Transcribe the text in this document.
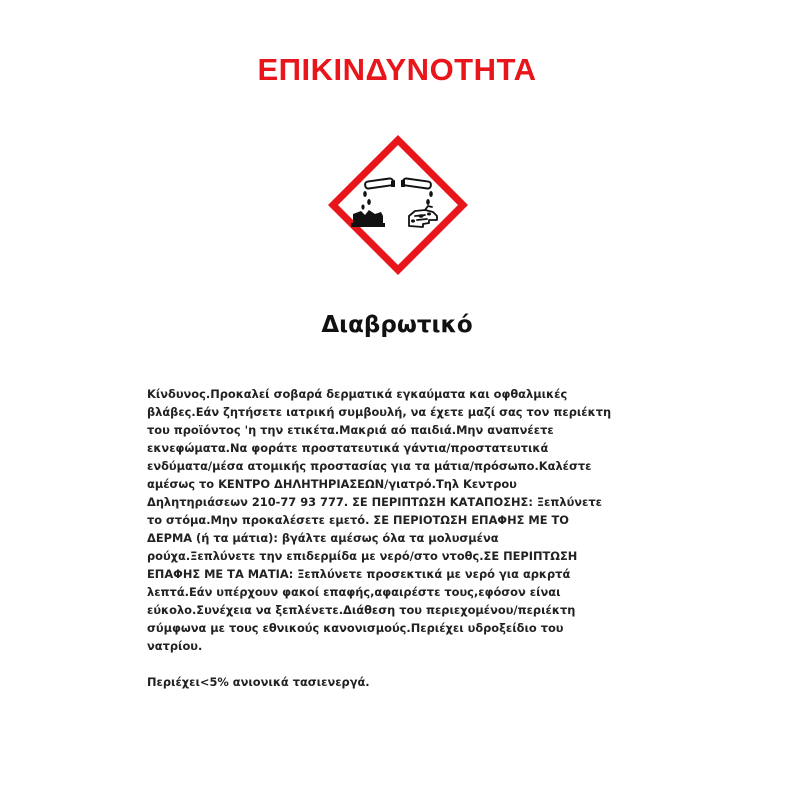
ΕΠΙΚΙΝΔΥΝΟΤΗΤΑ
Διαβρωτικό

Κίνδυνος.Προκαλεί σοβαρά δερματικά εγκαύματα και οφθαλμικές
βλάβες.Εάν ζητήσετε ιατρική συμβουλή, να έχετε μαζί σας τον περιέκτη
του προϊόντος 'η την ετικέτα.Μακριά αό παιδιά.Μην αναπνέετε
εκνεφώματα.Να φοράτε προστατευτικά γάντια/προστατευτικά
ενδύματα/μέσα ατομικής προστασίας για τα μάτια/πρόσωπο.Καλέστε
αμέσως το ΚΕΝΤΡΟ ΔΗΛΗΤΗΡΙΑΣΕΩΝ/γιατρό.Τηλ Κεντρου
Δηλητηριάσεων 210-77 93 777. ΣΕ ΠΕΡΙΠΤΩΣΗ ΚΑΤΑΠΟΣΗΣ: Ξεπλύνετε
το στόμα.Μην προκαλέσετε εμετό. ΣΕ ΠΕΡΙΟΤΩΣΗ ΕΠΑΦΗΣ ΜΕ ΤΟ
ΔΕΡΜΑ (ή τα μάτια): βγάλτε αμέσως όλα τα μολυσμένα
ρούχα.Ξεπλύνετε την επιδερμίδα με νερό/στο ντοθς.ΣΕ ΠΕΡΙΠΤΩΣΗ
ΕΠΑΦΗΣ ΜΕ ΤΑ ΜΑΤΙΑ: Ξεπλύνετε προσεκτικά με νερό για αρκρτά
λεπτά.Εάν υπέρχουν φακοί επαφής,αφαιρέστε τους,εφόσον είναι
εύκολο.Συνέχεια να ξεπλένετε.Διάθεση του περιεχομένου/περιέκτη
σύμφωνα με τους εθνικούς κανονισμούς.Περιέχει υδροξείδιο του
νατρίου.

Περιέχει<5% ανιονικά τασιενεργά.
